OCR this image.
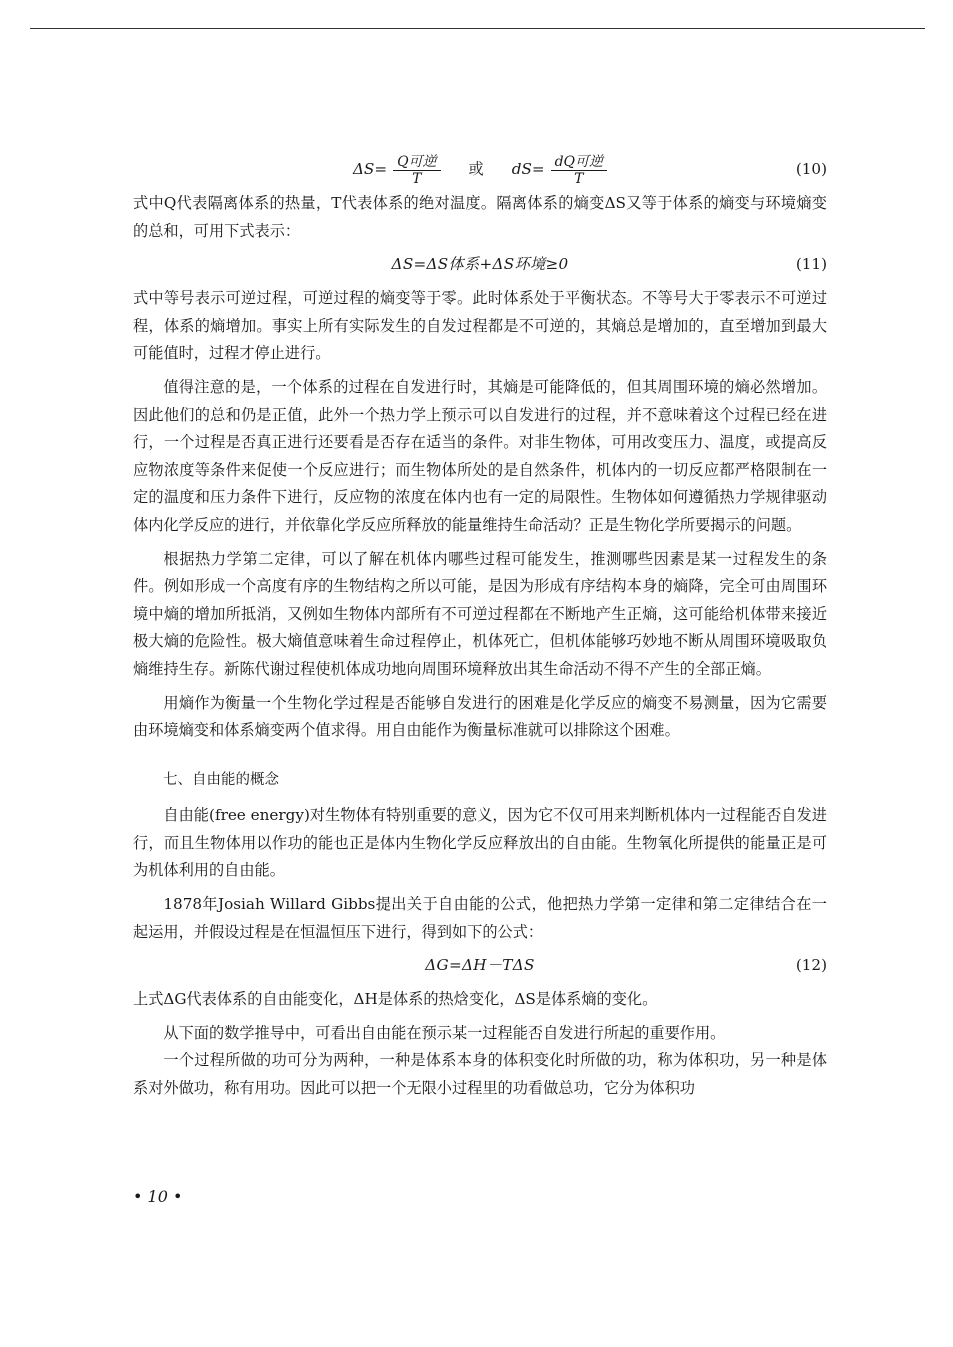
$\Delta S= \frac{\text{Q可逆}}{T}$ 或 $dS= \frac{\text{dQ可逆}}{T}$	(10)

式中Q代表隔离体系的热量，T代表体系的绝对温度。隔离体系的熵变ΔS又等于体系的熵变与环境熵变的总和，可用下式表示：

ΔS=ΔS体系+ΔS环境≥0	(11)

式中等号表示可逆过程，可逆过程的熵变等于零。此时体系处于平衡状态。不等号大于零表示不可逆过程，体系的熵增加。事实上所有实际发生的自发过程都是不可逆的，其熵总是增加的，直至增加到最大可能值时，过程才停止进行。

值得注意的是，一个体系的过程在自发进行时，其熵是可能降低的，但其周围环境的熵必然增加。因此他们的总和仍是正值，此外一个热力学上预示可以自发进行的过程，并不意味着这个过程已经在进行，一个过程是否真正进行还要看是否存在适当的条件。对非生物体，可用改变压力、温度，或提高反应物浓度等条件来促使一个反应进行；而生物体所处的是自然条件，机体内的一切反应都严格限制在一定的温度和压力条件下进行，反应物的浓度在体内也有一定的局限性。生物体如何遵循热力学规律驱动体内化学反应的进行，并依靠化学反应所释放的能量维持生命活动？正是生物化学所要揭示的问题。

根据热力学第二定律，可以了解在机体内哪些过程可能发生，推测哪些因素是某一过程发生的条件。例如形成一个高度有序的生物结构之所以可能，是因为形成有序结构本身的熵降，完全可由周围环境中熵的增加所抵消，又例如生物体内部所有不可逆过程都在不断地产生正熵，这可能给机体带来接近极大熵的危险性。极大熵值意味着生命过程停止，机体死亡，但机体能够巧妙地不断从周围环境吸取负熵维持生存。新陈代谢过程使机体成功地向周围环境释放出其生命活动不得不产生的全部正熵。

用熵作为衡量一个生物化学过程是否能够自发进行的困难是化学反应的熵变不易测量，因为它需要由环境熵变和体系熵变两个值求得。用自由能作为衡量标准就可以排除这个困难。

七、自由能的概念

自由能(free energy)对生物体有特别重要的意义，因为它不仅可用来判断机体内一过程能否自发进行，而且生物体用以作功的能也正是体内生物化学反应释放出的自由能。生物氧化所提供的能量正是可为机体利用的自由能。

1878年Josiah Willard Gibbs提出关于自由能的公式，他把热力学第一定律和第二定律结合在一起运用，并假设过程是在恒温恒压下进行，得到如下的公式：

ΔG=ΔH－TΔS	(12)

上式ΔG代表体系的自由能变化，ΔH是体系的热焓变化，ΔS是体系熵的变化。

从下面的数学推导中，可看出自由能在预示某一过程能否自发进行所起的重要作用。

一个过程所做的功可分为两种，一种是体系本身的体积变化时所做的功，称为体积功，另一种是体系对外做功，称有用功。因此可以把一个无限小过程里的功看做总功，它分为体积功

• 10 •
